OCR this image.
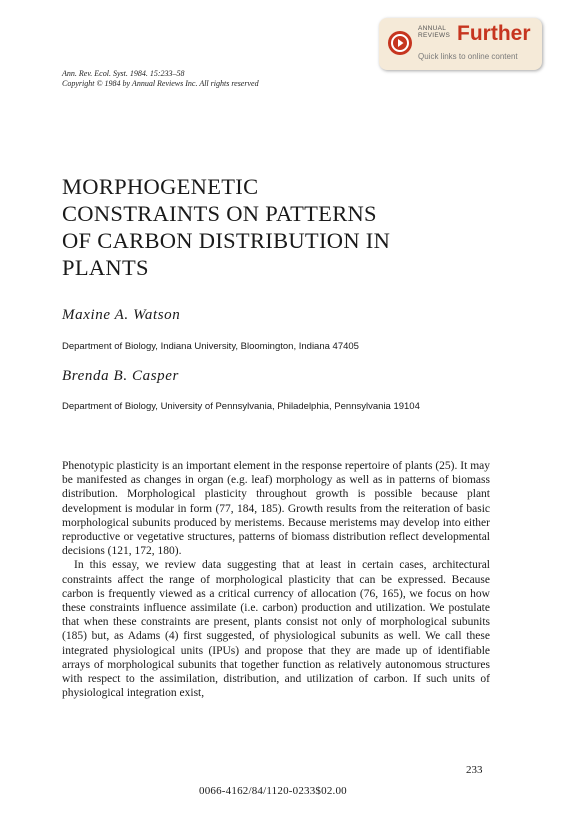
ANNUAL
REVIEWS Further
Quick links to online content
Ann. Rev. Ecol. Syst. 1984. 15:233–58
Copyright © 1984 by Annual Reviews Inc. All rights reserved
MORPHOGENETIC
CONSTRAINTS ON PATTERNS
OF CARBON DISTRIBUTION IN
PLANTS
Maxine A. Watson
Department of Biology, Indiana University, Bloomington, Indiana 47405
Brenda B. Casper
Department of Biology, University of Pennsylvania, Philadelphia, Pennsylvania 19104

Phenotypic plasticity is an important element in the response repertoire of plants (25). It may be manifested as changes in organ (e.g. leaf) morphology as well as in patterns of biomass distribution. Morphological plasticity throughout growth is possible because plant development is modular in form (77, 184, 185). Growth results from the reiteration of basic morphological subunits produced by meristems. Because meristems may develop into either reproductive or vegetative structures, patterns of biomass distribution reflect developmental decisions (121, 172, 180).

In this essay, we review data suggesting that at least in certain cases, architectural constraints affect the range of morphological plasticity that can be expressed. Because carbon is frequently viewed as a critical currency of allocation (76, 165), we focus on how these constraints influence assimilate (i.e. carbon) production and utilization. We postulate that when these constraints are present, plants consist not only of morphological subunits (185) but, as Adams (4) first suggested, of physiological subunits as well. We call these integrated physiological units (IPUs) and propose that they are made up of identifiable arrays of morphological subunits that together function as relatively autonomous structures with respect to the assimilation, distribution, and utilization of carbon. If such units of physiological integration exist,

233
0066-4162/84/1120-0233$02.00
